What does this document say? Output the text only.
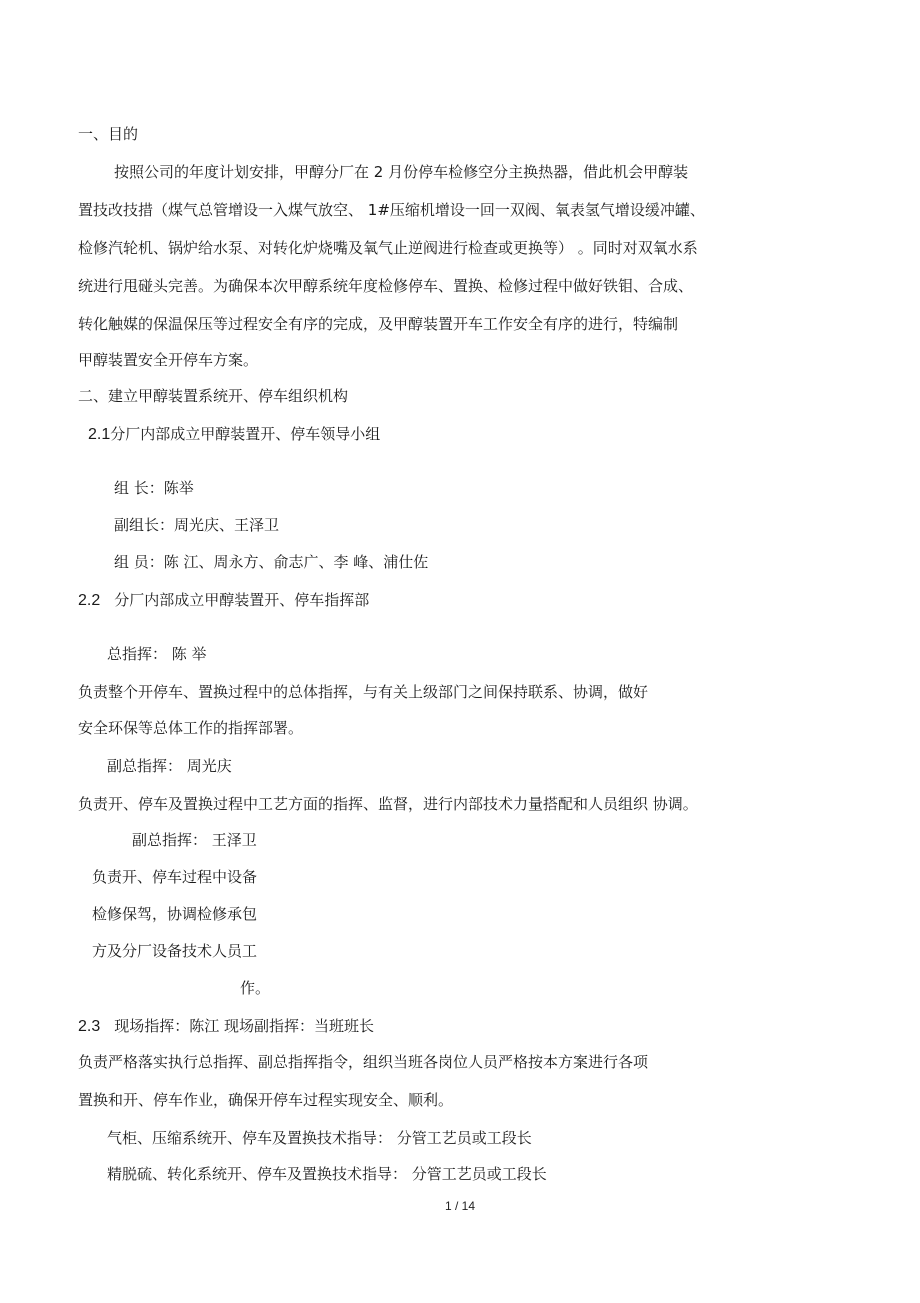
一、目的
按照公司的年度计划安排，甲醇分厂在 2 月份停车检修空分主换热器，借此机会甲醇装
置技改技措（煤气总管增设一入煤气放空、 1#压缩机增设一回一双阀、氧表氢气增设缓冲罐、
检修汽轮机、锅炉给水泵、对转化炉烧嘴及氧气止逆阀进行检查或更换等） 。同时对双氧水系
统进行甩碰头完善。为确保本次甲醇系统年度检修停车、置换、检修过程中做好铁钼、合成、
转化触媒的保温保压等过程安全有序的完成，及甲醇装置开车工作安全有序的进行，特编制
甲醇装置安全开停车方案。
二、建立甲醇装置系统开、停车组织机构
2.1分厂内部成立甲醇装置开、停车领导小组
组 长：陈举
副组长：周光庆、王泽卫
组 员：陈 江、周永方、俞志广、李 峰、浦仕佐
2.2 分厂内部成立甲醇装置开、停车指挥部
总指挥： 陈 举
负责整个开停车、置换过程中的总体指挥，与有关上级部门之间保持联系、协调，做好
安全环保等总体工作的指挥部署。
副总指挥： 周光庆
负责开、停车及置换过程中工艺方面的指挥、监督，进行内部技术力量搭配和人员组织 协调。
副总指挥： 王泽卫
负责开、停车过程中设备
检修保驾，协调检修承包
方及分厂设备技术人员工
作。
2.3 现场指挥：陈江 现场副指挥：当班班长
负责严格落实执行总指挥、副总指挥指令，组织当班各岗位人员严格按本方案进行各项
置换和开、停车作业，确保开停车过程实现安全、顺利。
气柜、压缩系统开、停车及置换技术指导： 分管工艺员或工段长
精脱硫、转化系统开、停车及置换技术指导： 分管工艺员或工段长
1 / 14
